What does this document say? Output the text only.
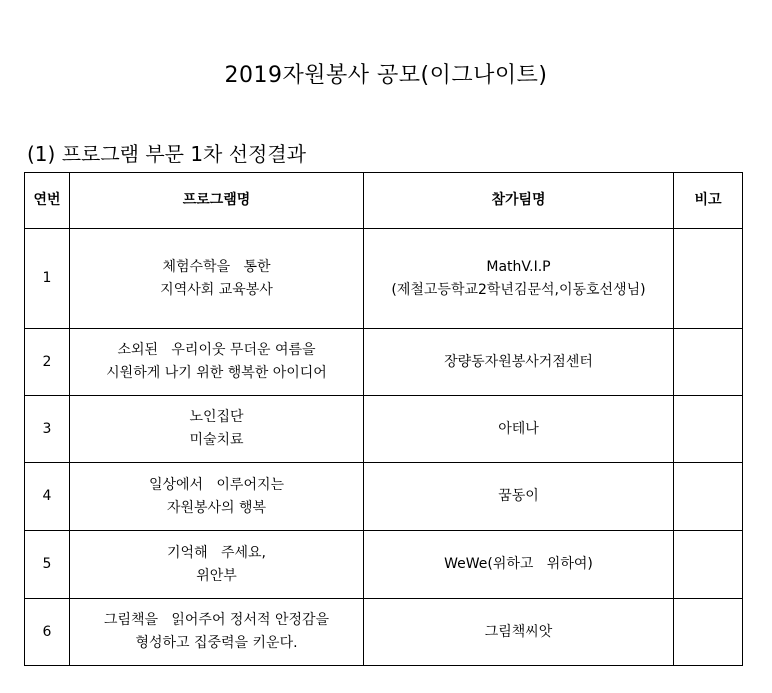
2019자원봉사 공모(이그나이트)
(1) 프로그램 부문 1차 선정결과
연번	프로그램명	참가팀명	비고
1	체험수학을   통한
지역사회 교육봉사	MathV.I.P
(제철고등학교2학년김문석,이동호선생님)	

2	소외된   우리이웃 무더운 여름을
시원하게 나기 위한 행복한 아이디어	장량동자원봉사거점센터	

3	노인집단
미술치료	아테나	

4	일상에서   이루어지는
자원봉사의 행복	꿈동이	

5	기억해   주세요,
위안부	WeWe(위하고   위하여)	

6	그림책을   읽어주어 정서적 안정감을
형성하고 집중력을 키운다.	그림책씨앗	
